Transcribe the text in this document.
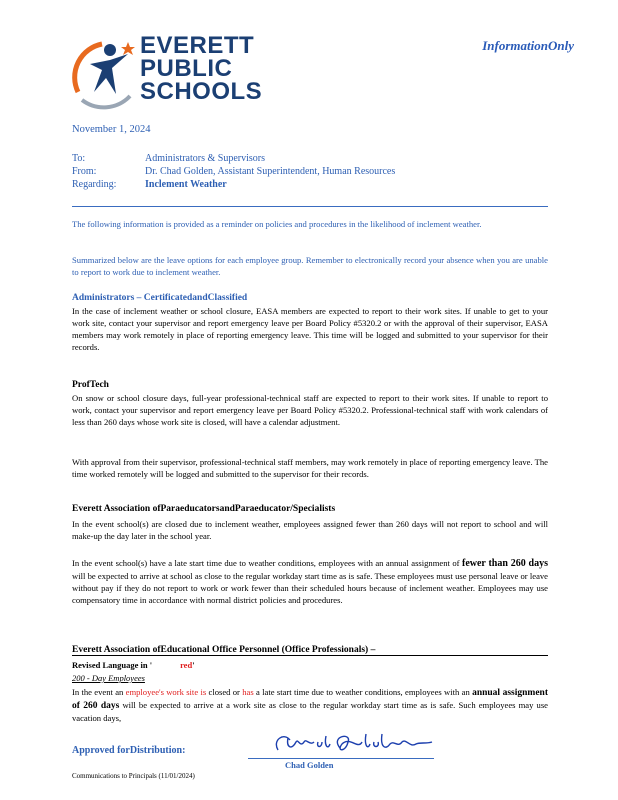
EVERETT
PUBLIC
SCHOOLS
InformationOnly
November 1, 2024
To:	Administrators & Supervisors
From:	Dr. Chad Golden, Assistant Superintendent, Human Resources
Regarding:	Inclement Weather
The following information is provided as a reminder on policies and procedures in the likelihood of inclement weather.
Summarized below are the leave options for each employee group. Remember to electronically record your absence when you are unable to report to work due to inclement weather.
Administrators – CertificatedandClassified
In the case of inclement weather or school closure, EASA members are expected to report to their work sites. If unable to get to your work site, contact your supervisor and report emergency leave per Board Policy #5320.2 or with the approval of their supervisor, EASA members may work remotely in place of reporting emergency leave. This time will be logged and submitted to your supervisor for their records.
ProfTech
On snow or school closure days, full-year professional-technical staff are expected to report to their work sites. If unable to report to work, contact your supervisor and report emergency leave per Board Policy #5320.2. Professional-technical staff with work calendars of less than 260 days whose work site is closed, will have a calendar adjustment.
With approval from their supervisor, professional-technical staff members, may work remotely in place of reporting emergency leave. The time worked remotely will be logged and submitted to the supervisor for their records.
Everett Association ofParaeducatorsandParaeducator/Specialists
In the event school(s) are closed due to inclement weather, employees assigned fewer than 260 days will not report to school and will make-up the day later in the school year.
In the event school(s) have a late start time due to weather conditions, employees with an annual assignment of fewer than 260 days will be expected to arrive at school as close to the regular workday start time as is safe. These employees must use personal leave or leave without pay if they do not report to work or work fewer than their scheduled hours because of inclement weather. Employees may use compensatory time in accordance with normal district policies and procedures.
Everett Association ofEducational Office Personnel (Office Professionals) –
Revised Language in '	red'
200 - Day Employees
In the event an employee's work site is closed or has a late start time due to weather conditions, employees with an annual assignment of 260 days will be expected to arrive at a work site as close to the regular workday start time as is safe. Such employees may use vacation days,
Approved forDistribution:
Chad Golden
Communications to Principals (11/01/2024)
